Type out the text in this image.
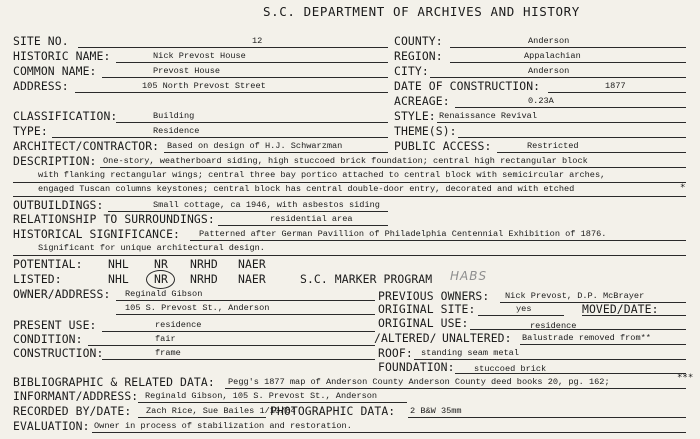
S.C. DEPARTMENT OF ARCHIVES AND HISTORY
SITE NO.	12	COUNTY:	Anderson
HISTORIC NAME:	Nick Prevost House	REGION:	Appalachian
COMMON NAME:	Prevost House	CITY:	Anderson
ADDRESS:	105 North Prevost Street	DATE OF CONSTRUCTION:	1877
ACREAGE:	0.23A
CLASSIFICATION:	Building	STYLE: Renaissance Revival
TYPE:	Residence	THEME(S):
ARCHITECT/CONTRACTOR: Based on design of H.J. Schwarzman	PUBLIC ACCESS:	Restricted
DESCRIPTION: One-story, weatherboard siding, high stuccoed brick foundation; central high rectangular block
with flanking rectangular wings; central three bay portico attached to central block with semicircular arches,
engaged Tuscan columns keystones; central block has central double-door entry, decorated and with etched	*
OUTBUILDINGS:	Small cottage, ca 1946, with asbestos siding
RELATIONSHIP TO SURROUNDINGS:	residential area
HISTORICAL SIGNIFICANCE: Patterned after German Pavillion of Philadelphia Centennial Exhibition of 1876.
Significant for unique architectural design.
POTENTIAL: NHL NR NRHD NAER
LISTED:	NHL NR NRHD NAER	S.C. MARKER PROGRAM HABS
OWNER/ADDRESS: Reginald Gibson
105 S. Prevost St., Anderson
PREVIOUS OWNERS: Nick Prevost, D.P. McBrayer
ORIGINAL SITE:	yes	MOVED/DATE:
PRESENT USE:	residence	ORIGINAL USE:	residence
CONDITION:	fair	/ALTERED/ UNALTERED: Balustrade removed from**
CONSTRUCTION:	frame	ROOF: standing seam metal
FOUNDATION: stuccoed brick
BIBLIOGRAPHIC & RELATED DATA: Pegg's 1877 map of Anderson County Anderson County deed books 20, pg. 162;	***
INFORMANT/ADDRESS: Reginald Gibson, 105 S. Prevost St., Anderson
RECORDED BY/DATE: Zach Rice, Sue Bailes 1/13/84
PHOTOGRAPHIC DATA: 2 B&W 35mm
EVALUATION: Owner in process of stabilization and restoration.
